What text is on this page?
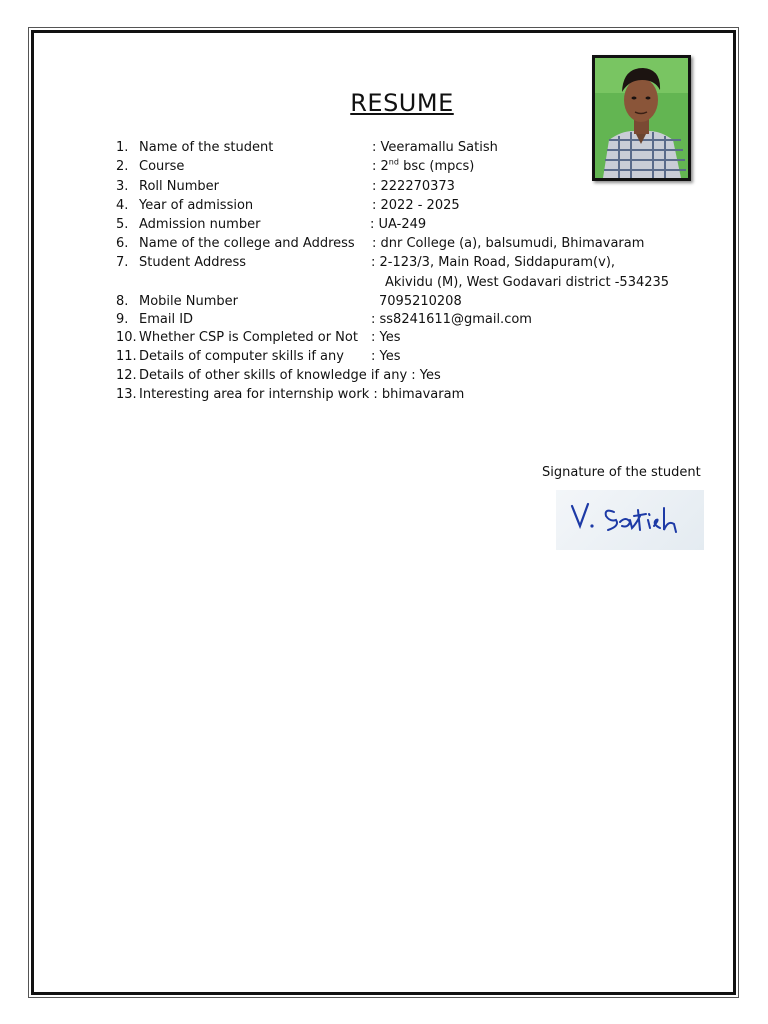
RESUME
1. Name of the student	: Veeramallu Satish
2. Course	: 2nd bsc (mpcs)
3. Roll Number	: 222270373
4. Year of admission	: 2022 - 2025
5. Admission number	: UA-249
6. Name of the college and Address : dnr College (a), balsumudi, Bhimavaram
7. Student Address	: 2-123/3, Main Road, Siddapuram(v),
Akividu (M), West Godavari district -534235
8. Mobile Number	7095210208
9. Email ID	: ss8241611@gmail.com
10. Whether CSP is Completed or Not : Yes
11. Details of computer skills if any : Yes
12. Details of other skills of knowledge if any : Yes
13. Interesting area for internship work : bhimavaram
Signature of the student
